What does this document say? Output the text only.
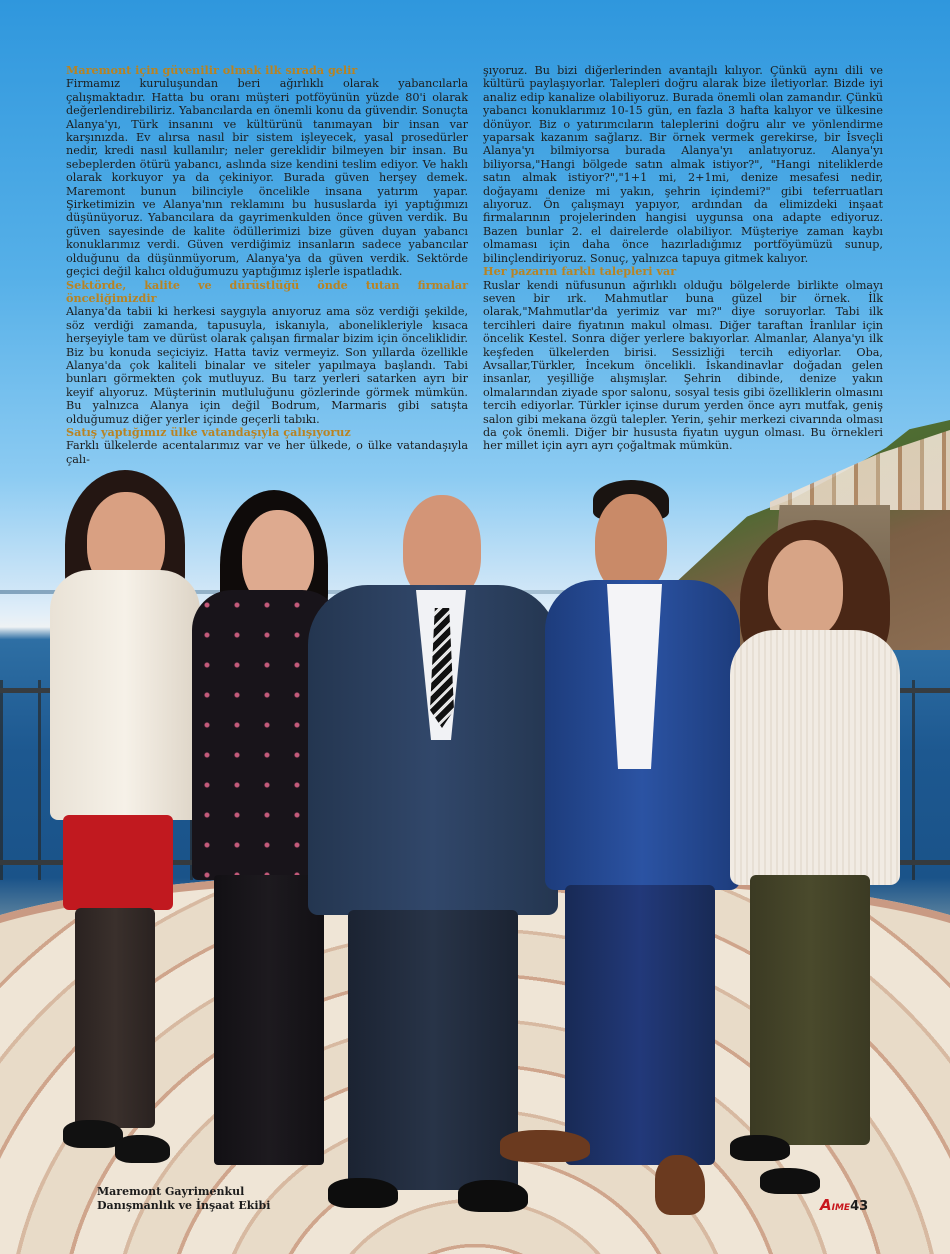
Maremont için güvenilir olmak ilk sırada gelir

Firmamız kuruluşundan beri ağırlıklı olarak yabancılarla çalışmaktadır. Hatta bu oranı müşteri potföyünün yüzde 80'i olarak değerlendirebiliriz. Yabancılarda en önemli konu da güvendir. Sonuçta Alanya'yı, Türk insanını ve kültürünü tanımayan bir insan var karşınızda. Ev alırsa nasıl bir sistem işleyecek, yasal prosedürler nedir, kredi nasıl kullanılır; neler gereklidir bilmeyen bir insan. Bu sebeplerden ötürü yabancı, aslında size kendini teslim ediyor. Ve haklı olarak korkuyor ya da çekiniyor. Burada güven herşey demek. Maremont bunun bilinciyle öncelikle insana yatırım yapar. Şirketimizin ve Alanya'nın reklamını bu hususlarda iyi yaptığımızı düşünüyoruz. Yabancılara da gayrimenkulden önce güven verdik. Bu güven sayesinde de kalite ödüllerimizi bize güven duyan yabancı konuklarımız verdi. Güven verdiğimiz insanların sadece yabancılar olduğunu da düşünmüyorum, Alanya'ya da güven verdik. Sektörde geçici değil kalıcı olduğumuzu yaptığımız işlerle ispatladık.

Sektörde, kalite ve dürüstlüğü önde tutan firmalar önceliğimizdir

Alanya'da tabii ki herkesi saygıyla anıyoruz ama söz verdiği şekilde, söz verdiği zamanda, tapusuyla, iskanıyla, abonelikleriyle kısaca herşeyiyle tam ve dürüst olarak çalışan firmalar bizim için önceliklidir. Biz bu konuda seçiciyiz. Hatta taviz vermeyiz. Son yıllarda özellikle Alanya'da çok kaliteli binalar ve siteler yapılmaya başlandı. Tabi bunları görmekten çok mutluyuz. Bu tarz yerleri satarken ayrı bir keyif alıyoruz. Müşterinin mutluluğunu gözlerinde görmek mümkün. Bu yalnızca Alanya için değil Bodrum, Marmaris gibi satışta olduğumuz diğer yerler içinde geçerli tabıkı.

Satış yaptığımız ülke vatandaşıyla çalışıyoruz

Farklı ülkelerde acentalarımız var ve her ülkede, o ülke vatandaşıyla çalı-

şıyoruz. Bu bizi diğerlerinden avantajlı kılıyor. Çünkü aynı dili ve kültürü paylaşıyorlar. Talepleri doğru alarak bize iletiyorlar. Bizde iyi analiz edip kanalize olabiliyoruz. Burada önemli olan zamandır. Çünkü yabancı konuklarımız 10-15 gün, en fazla 3 hafta kalıyor ve ülkesine dönüyor. Biz o yatırımcıların taleplerini doğru alır ve yönlendirme yaparsak kazanım sağlarız. Bir örnek vermek gerekirse, bir İsveçli Alanya'yı bilmiyorsa burada Alanya'yı anlatıyoruz. Alanya'yı biliyorsa,"Hangi bölgede satın almak istiyor?", "Hangi niteliklerde satın almak istiyor?","1+1 mi, 2+1mi, denize mesafesi nedir, doğayamı denize mi yakın, şehrin içindemi?" gibi teferruatları alıyoruz. Ön çalışmayı yapıyor, ardından da elimizdeki inşaat firmalarının projelerinden hangisi uygunsa ona adapte ediyoruz. Bazen bunlar 2. el dairelerde olabiliyor. Müşteriye zaman kaybı olmaması için daha önce hazırladığımız portföyümüzü sunup, bilinçlendiriyoruz. Sonuç, yalnızca tapuya gitmek kalıyor.

Her pazarın farklı talepleri var

Ruslar kendi nüfusunun ağırlıklı olduğu bölgelerde birlikte olmayı seven bir ırk. Mahmutlar buna güzel bir örnek. İlk olarak,"Mahmutlar'da yerimiz var mı?" diye soruyorlar. Tabi ilk tercihleri daire fiyatının makul olması. Diğer taraftan İranlılar için öncelik Kestel. Sonra diğer yerlere bakıyorlar. Almanlar, Alanya'yı ilk keşfeden ülkelerden birisi. Sessizliği tercih ediyorlar. Oba, Avsallar,Türkler, İncekum öncelikli. İskandinavlar doğadan gelen insanlar, yeşilliğe alışmışlar. Şehrin dibinde, denize yakın olmalarından ziyade spor salonu, sosyal tesis gibi özelliklerin olmasını tercih ediyorlar. Türkler içinse durum yerden önce ayrı mutfak, geniş salon gibi mekana özgü talepler. Yerin, şehir merkezi civarında olması da çok önemli. Diğer bir hususta fiyatın uygun olması. Bu örnekleri her millet için ayrı ayrı çoğaltmak mümkün.

Maremont Gayrimenkul
Danışmanlık ve İnşaat Ekibi	A IME 43
